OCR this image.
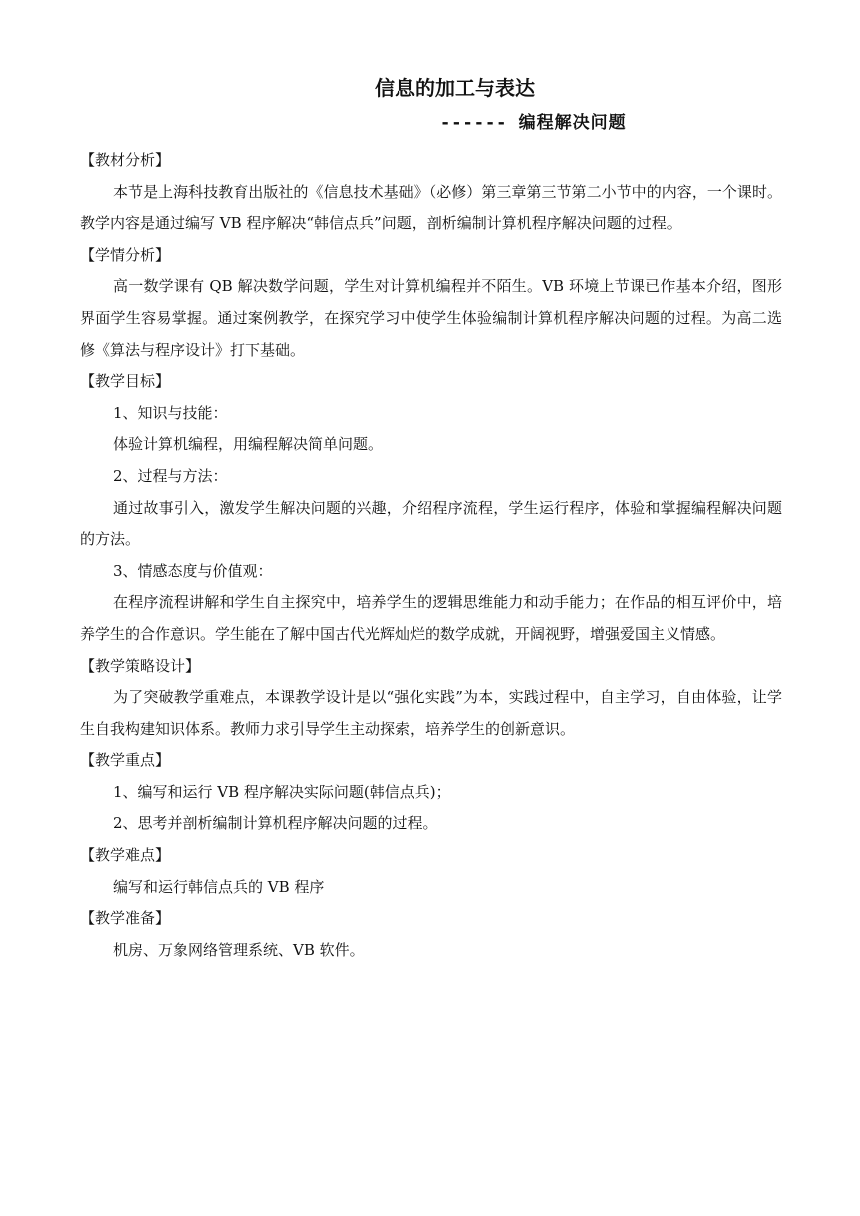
信息的加工与表达
------ 编程解决问题

【教材分析】

本节是上海科技教育出版社的《信息技术基础》（必修）第三章第三节第二小节中的内容，一个课时。教学内容是通过编写 VB 程序解决“韩信点兵”问题，剖析编制计算机程序解决问题的过程。

【学情分析】

高一数学课有 QB 解决数学问题，学生对计算机编程并不陌生。VB 环境上节课已作基本介绍，图形界面学生容易掌握。通过案例教学，在探究学习中使学生体验编制计算机程序解决问题的过程。为高二选修《算法与程序设计》打下基础。

【教学目标】

1、知识与技能：

体验计算机编程，用编程解决简单问题。

2、过程与方法：

通过故事引入，激发学生解决问题的兴趣，介绍程序流程，学生运行程序，体验和掌握编程解决问题的方法。

3、情感态度与价值观：

在程序流程讲解和学生自主探究中，培养学生的逻辑思维能力和动手能力；在作品的相互评价中，培养学生的合作意识。学生能在了解中国古代光辉灿烂的数学成就，开阔视野，增强爱国主义情感。

【教学策略设计】

为了突破教学重难点，本课教学设计是以“强化实践”为本，实践过程中，自主学习，自由体验，让学生自我构建知识体系。教师力求引导学生主动探索，培养学生的创新意识。

【教学重点】

1、编写和运行 VB 程序解决实际问题(韩信点兵)；

2、思考并剖析编制计算机程序解决问题的过程。

【教学难点】

编写和运行韩信点兵的 VB 程序

【教学准备】

机房、万象网络管理系统、VB 软件。
